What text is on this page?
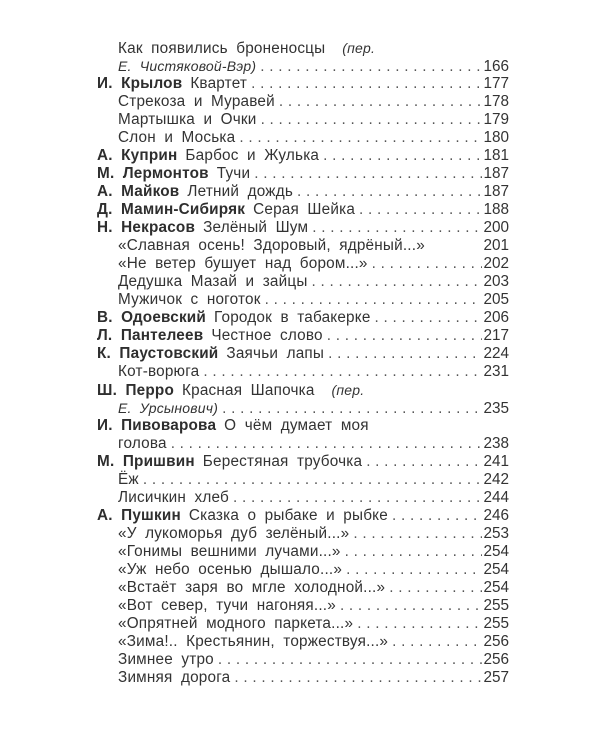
Как появились броненосцы
(пер.
Е. Чистяковой-Вэр) . . .	166
И. Крылов Квартет . . .	177
Стрекоза и Муравей . . .	178
Мартышка и Очки . . .	179
Слон и Моська . . .	180
А. Куприн Барбос и Жулька . . .	181
М. Лермонтов Тучи . . .	187
А. Майков Летний дождь . . .	187
Д. Мамин-Сибиряк Серая Шейка . . .	188
Н. Некрасов Зелёный Шум . . .	200
«Славная осень! Здоровый, ядрёный...»	201
«Не ветер бушует над бором...» . . .	202
Дедушка Мазай и зайцы . . .	203
Мужичок с ноготок . . .	205
В. Одоевский Городок в табакерке . . .	206
Л. Пантелеев Честное слово . . .	217
К. Паустовский Заячьи лапы . . .	224
Кот-ворюга . . .	231
Ш. Перро Красная Шапочка
(пер.
Е. Урсынович) . . .	235
И. Пивоварова О чём думает моя
голова . . .	238
М. Пришвин Берестяная трубочка . . .	241
Ёж . . .	242
Лисичкин хлеб . . .	244
А. Пушкин Сказка о рыбаке и рыбке . . .	246
«У лукоморья дуб зелёный...» . . .	253
«Гонимы вешними лучами...» . . .	254
«Уж небо осенью дышало...» . . .	254
«Встаёт заря во мгле холодной...» . . .	254
«Вот север, тучи нагоняя...» . . .	255
«Опрятней модного паркета...» . . .	255
«Зима!.. Крестьянин, торжествуя...» . . .	256
Зимнее утро . . .	256
Зимняя дорога . . .	257
